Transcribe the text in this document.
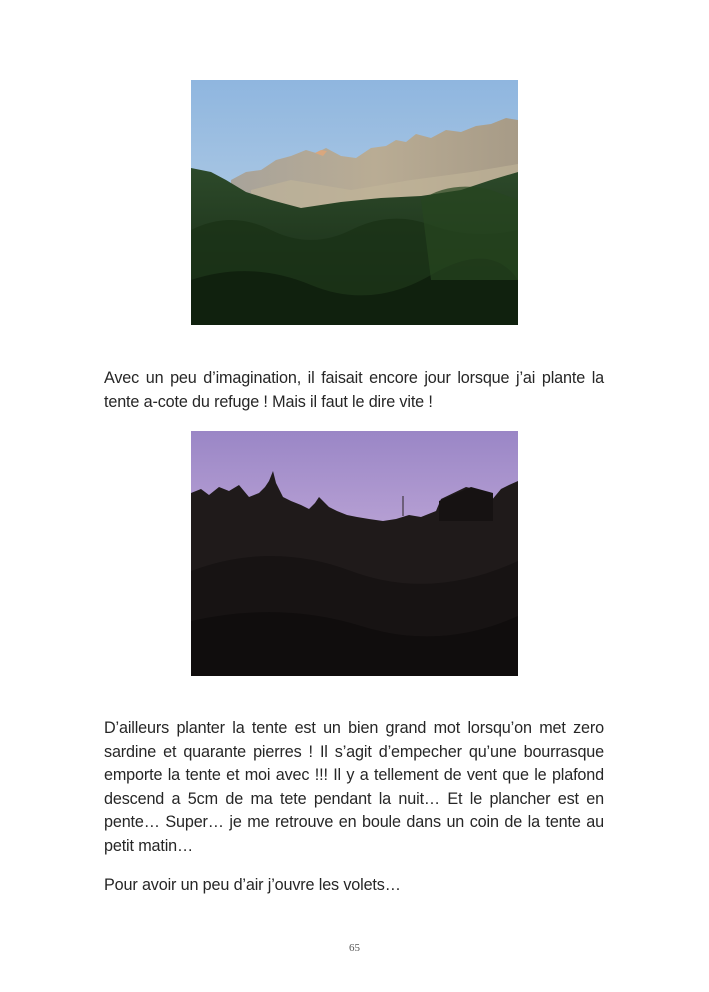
Avec un peu d’imagination, il faisait encore jour lorsque j’ai plante la tente a-cote du refuge ! Mais il faut le dire vite !

D’ailleurs planter la tente est un bien grand mot lorsqu’on met zero sardine et quarante pierres ! Il s’agit d’empecher qu’une bourrasque emporte la tente et moi avec !!! Il y a tellement de vent que le plafond descend a 5cm de ma tete pendant la nuit… Et le plancher est en pente… Super… je me retrouve en boule dans un coin de la tente au petit matin…

Pour avoir un peu d’air j’ouvre les volets…

65
